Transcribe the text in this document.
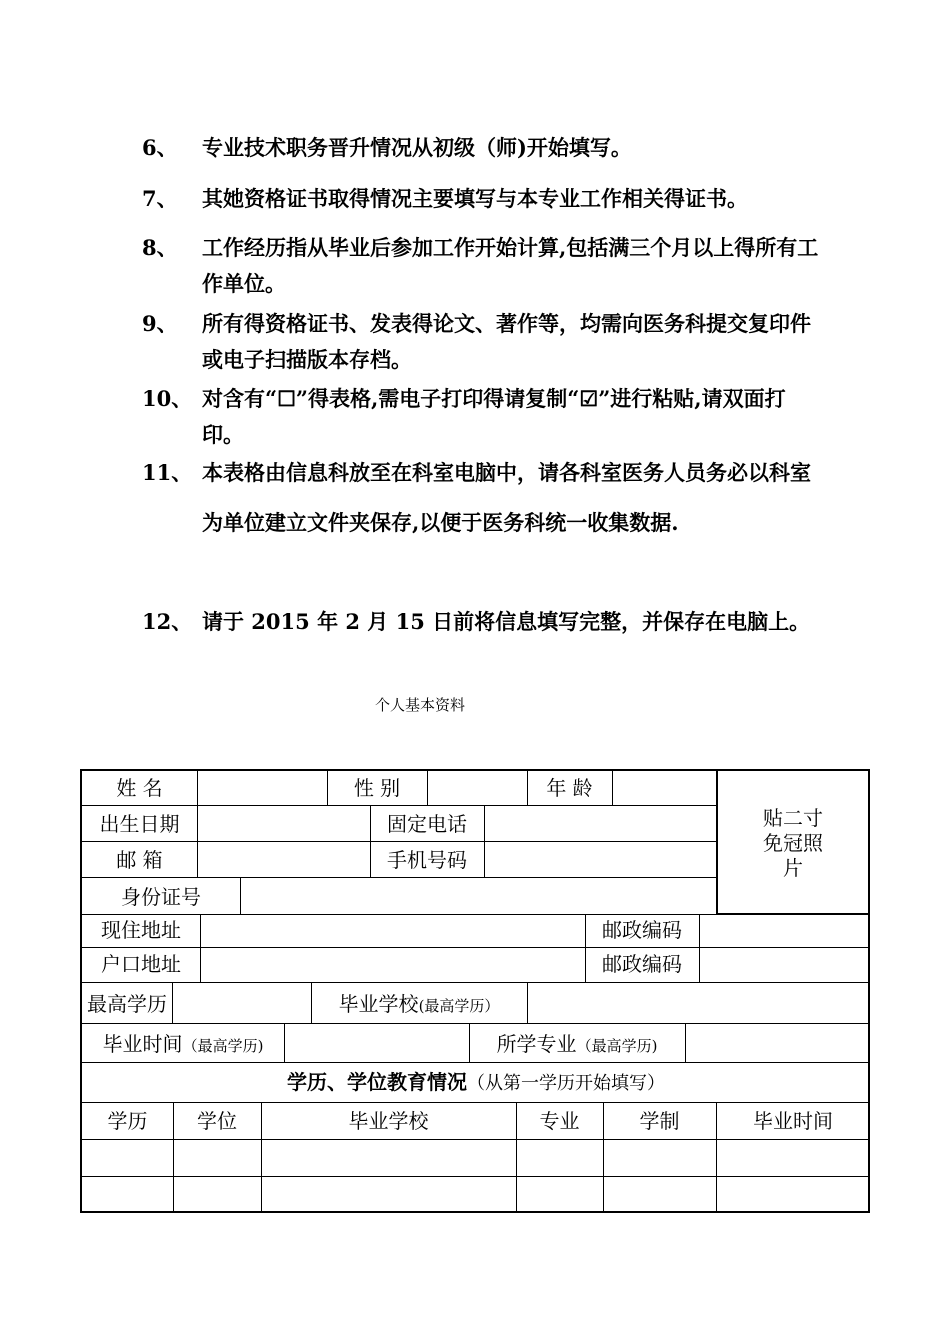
6、	专业技术职务晋升情况从初级（师)开始填写。
7、	其她资格证书取得情况主要填写与本专业工作相关得证书。
8、	工作经历指从毕业后参加工作开始计算,包括满三个月以上得所有工作单位。
9、	所有得资格证书、发表得论文、著作等，均需向医务科提交复印件或电子扫描版本存档。
10、 对含有“☐”得表格,需电子打印得请复制“☑”进行粘贴,请双面打印。
11、 本表格由信息科放至在科室电脑中，请各科室医务人员务必以科室为单位建立文件夹保存,以便于医务科统一收集数据.
12、 请于 2015 年 2 月 15 日前将信息填写完整，并保存在电脑上。
个人基本资料
姓 名	性 别	年 龄
贴二寸免冠照片
出生日期	固定电话
邮 箱	手机号码
身份证号
现住地址	邮政编码
户口地址	邮政编码
最高学历	毕业学校(最高学历）
毕业时间（最高学历)	所学专业（最高学历)
学历、学位教育情况（从第一学历开始填写）
学历	学位	毕业学校	专业	学制	毕业时间
